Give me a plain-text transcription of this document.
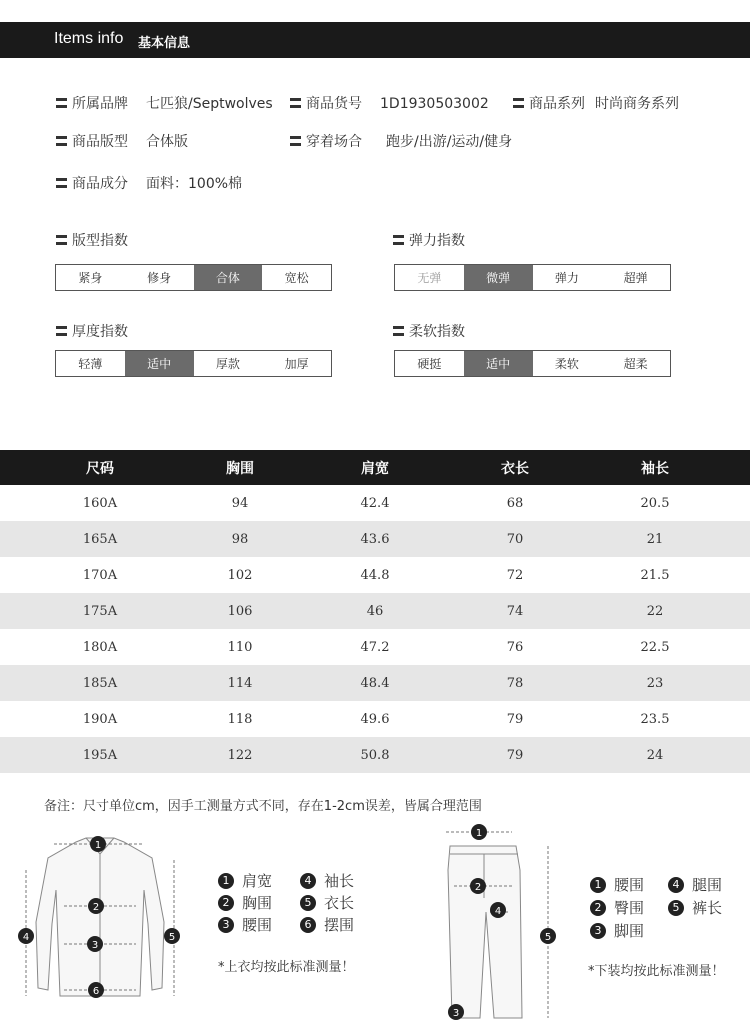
Items info 基本信息
所属品牌 七匹狼/Septwolves	商品货号 1D1930503002	商品系列 时尚商务系列
商品版型 合体版	穿着场合 跑步/出游/运动/健身
商品成分 面料：100%棉
版型指数	弹力指数
厚度指数	柔软指数
紧身	修身	合体	宽松	无弹	微弹	弹力	超弹
轻薄	适中	厚款	加厚	硬挺	适中	柔软	超柔
尺码	胸围	肩宽	衣长	袖长
160A	94	42.4	68	20.5
165A	98	43.6	70	21
170A	102	44.8	72	21.5
175A	106	46	74	22
180A	110	47.2	76	22.5
185A	114	48.4	78	23
190A	118	49.6	79	23.5
195A	122	50.8	79	24
备注：尺寸单位cm，因手工测量方式不同，存在1-2cm误差，皆属合理范围
1
2
3
4	5
6
1 肩宽	4 袖长
2 胸围	5 衣长
3 腰围	6 摆围
*上衣均按此标准测量！
1
2
3
4
5
1 腰围	4 腿围
2 臀围	5 裤长
3 脚围
*下装均按此标准测量！
